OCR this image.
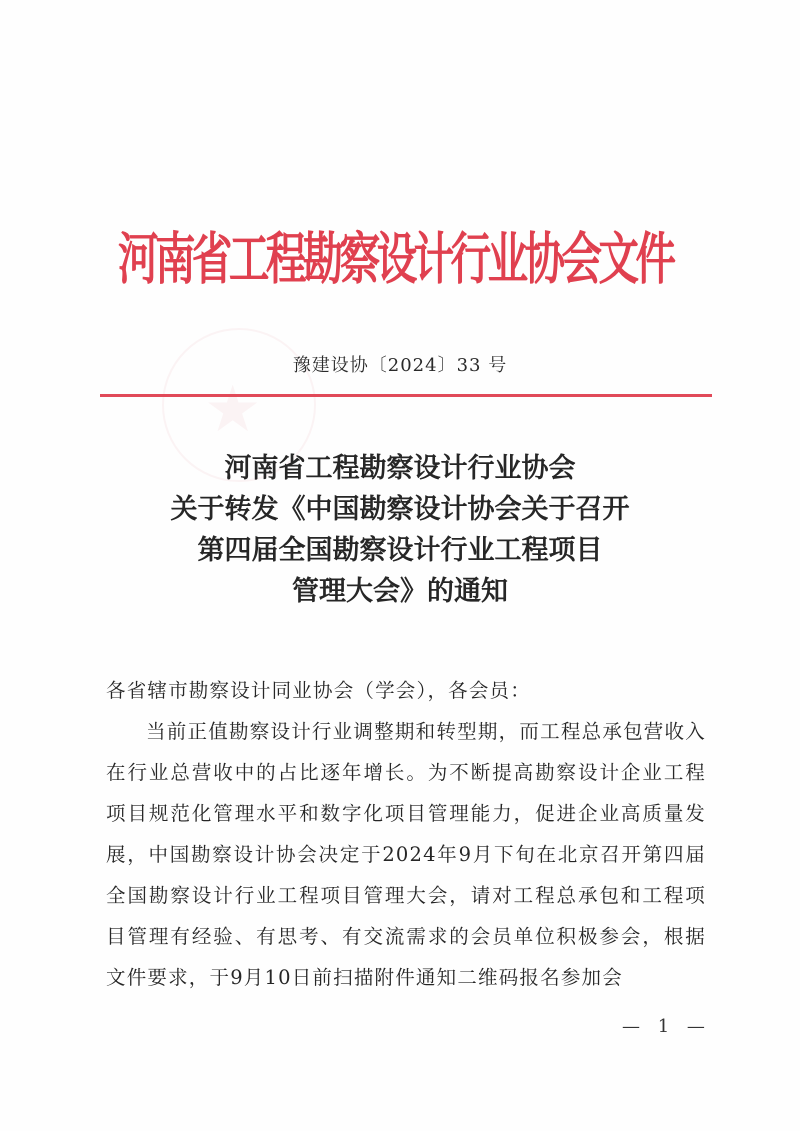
★
河南省工程勘察设计行业协会文件
豫建设协〔2024〕33 号
河南省工程勘察设计行业协会
关于转发《中国勘察设计协会关于召开
第四届全国勘察设计行业工程项目
管理大会》的通知

各省辖市勘察设计同业协会（学会），各会员：

当前正值勘察设计行业调整期和转型期，而工程总承包营收入在行业总营收中的占比逐年增长。为不断提高勘察设计企业工程项目规范化管理水平和数字化项目管理能力，促进企业高质量发展，中国勘察设计协会决定于2024年9月下旬在北京召开第四届全国勘察设计行业工程项目管理大会，请对工程总承包和工程项目管理有经验、有思考、有交流需求的会员单位积极参会，根据文件要求，于9月10日前扫描附件通知二维码报名参加会

— 1 —
